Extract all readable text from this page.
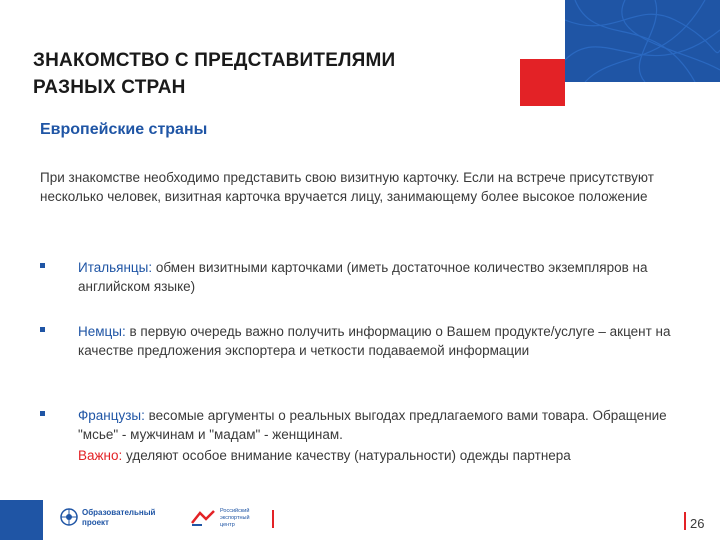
ЗНАКОМСТВО С ПРЕДСТАВИТЕЛЯМИ
РАЗНЫХ СТРАН
Европейские страны
При знакомстве необходимо представить свою визитную карточку. Если на встрече присутствуют несколько человек, визитная карточка вручается лицу, занимающему более высокое положение
Итальянцы: обмен визитными карточками (иметь достаточное количество экземпляров на английском языке)
Немцы: в первую очередь важно получить информацию о Вашем продукте/услуге – акцент на качестве предложения экспортера и четкости подаваемой информации
Французы: весомые аргументы о реальных выгодах предлагаемого вами товара. Обращение "мсье" - мужчинам и "мадам" - женщинам.
Важно: уделяют особое внимание качеству (натуральности) одежды партнера
Образовательный
проект
Российский
экспортный
центр	26
